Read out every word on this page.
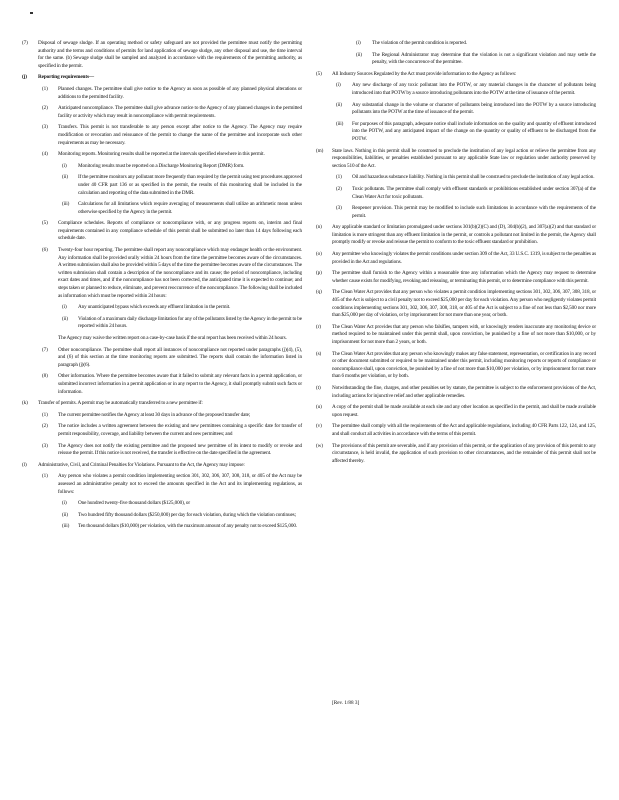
(7) Disposal of sewage sludge. If an operating method or safety safeguard are not provided the permittee must notify the permitting authority and the terms and conditions of permits for land application of sewage sludge, any other disposal and use, the time interval for the same. (b) Sewage sludge shall be sampled and analyzed in accordance with the requirements of the permitting authority, as specified in the permit.
(j) Reporting requirements—
(1) Planned changes. The permittee shall give notice to the Agency as soon as possible of any planned physical alterations or additions to the permitted facility.
(2) Anticipated noncompliance. The permittee shall give advance notice to the Agency of any planned changes in the permitted facility or activity which may result in noncompliance with permit requirements.
(3) Transfers. This permit is not transferable to any person except after notice to the Agency. The Agency may require modification or revocation and reissuance of the permit to change the name of the permittee and incorporate such other requirements as may be necessary.
(4) Monitoring reports. Monitoring results shall be reported at the intervals specified elsewhere in this permit.
(i) Monitoring results must be reported on a Discharge Monitoring Report (DMR) form.
(ii) If the permittee monitors any pollutant more frequently than required by the permit using test procedures approved under 40 CFR part 136 or as specified in the permit, the results of this monitoring shall be included in the calculation and reporting of the data submitted in the DMR.
(iii) Calculations for all limitations which require averaging of measurements shall utilize an arithmetic mean unless otherwise specified by the Agency in the permit.
(5) Compliance schedules. Reports of compliance or noncompliance with, or any progress reports on, interim and final requirements contained in any compliance schedule of this permit shall be submitted no later than 14 days following each schedule date.
(6) Twenty-four hour reporting. The permittee shall report any noncompliance which may endanger health or the environment. Any information shall be provided orally within 24 hours from the time the permittee becomes aware of the circumstances. A written submission shall also be provided within 5 days of the time the permittee becomes aware of the circumstances. The written submission shall contain a description of the noncompliance and its cause; the period of noncompliance, including exact dates and times, and if the noncompliance has not been corrected, the anticipated time it is expected to continue; and steps taken or planned to reduce, eliminate, and prevent reoccurrence of the noncompliance. The following shall be included as information which must be reported within 24 hours:
(i) Any unanticipated bypass which exceeds any effluent limitation in the permit.
(ii) Violation of a maximum daily discharge limitation for any of the pollutants listed by the Agency in the permit to be reported within 24 hours.
The Agency may waive the written report on a case-by-case basis if the oral report has been received within 24 hours.
(7) Other noncompliance. The permittee shall report all instances of noncompliance not reported under paragraphs (j)(4), (5), and (6) of this section at the time monitoring reports are submitted. The reports shall contain the information listed in paragraph (j)(6).
(8) Other information. Where the permittee becomes aware that it failed to submit any relevant facts in a permit application, or submitted incorrect information in a permit application or in any report to the Agency, it shall promptly submit such facts or information.
(k) Transfer of permits. A permit may be automatically transferred to a new permittee if:
(1) The current permittee notifies the Agency at least 30 days in advance of the proposed transfer date;
(2) The notice includes a written agreement between the existing and new permittees containing a specific date for transfer of permit responsibility, coverage, and liability between the current and new permittees; and
(3) The Agency does not notify the existing permittee and the proposed new permittee of its intent to modify or revoke and reissue the permit. If this notice is not received, the transfer is effective on the date specified in the agreement.
(l) Administrative, Civil, and Criminal Penalties for Violations. Pursuant to the Act, the Agency may impose:
(1) Any person who violates a permit condition implementing section 301, 302, 306, 307, 308, 318, or 405 of the Act may be assessed an administrative penalty not to exceed the amounts specified in the Act and its implementing regulations, as follows:
(i) One hundred twenty-five thousand dollars ($125,000), or
(ii) Two hundred fifty thousand dollars ($250,000) per day for each violation, during which the violation continues;
(iii) Ten thousand dollars ($10,000) per violation, with the maximum amount of any penalty not to exceed $125,000.
(i) The violation of the permit condition is reported.
(ii) The Regional Administrator may determine that the violation is not a significant violation and may settle the penalty, with the concurrence of the permittee.
(5) All Industry Sources Regulated by the Act must provide information to the Agency as follows:
(i) Any new discharge of any toxic pollutant into the POTW, or any material changes in the character of pollutants being introduced into that POTW by a source introducing pollutants into the POTW at the time of issuance of the permit.
(ii) Any substantial change in the volume or character of pollutants being introduced into the POTW by a source introducing pollutants into the POTW at the time of issuance of the permit.
(iii) For purposes of this paragraph, adequate notice shall include information on the quality and quantity of effluent introduced into the POTW, and any anticipated impact of the change on the quantity or quality of effluent to be discharged from the POTW.
(m) State laws. Nothing in this permit shall be construed to preclude the institution of any legal action or relieve the permittee from any responsibilities, liabilities, or penalties established pursuant to any applicable State law or regulation under authority preserved by section 510 of the Act.
(1) Oil and hazardous substance liability. Nothing in this permit shall be construed to preclude the institution of any legal action.
(2) Toxic pollutants. The permittee shall comply with effluent standards or prohibitions established under section 307(a) of the Clean Water Act for toxic pollutants.
(3) Reopener provision. This permit may be modified to include such limitations in accordance with the requirements of the permit.
(n) Any applicable standard or limitation promulgated under sections 301(b)(2)(C) and (D), 304(b)(2), and 307(a)(2) and that standard or limitation is more stringent than any effluent limitation in the permit, or controls a pollutant not limited in the permit, the Agency shall promptly modify or revoke and reissue the permit to conform to the toxic effluent standard or prohibition.
(o) Any permittee who knowingly violates the permit conditions under section 309 of the Act, 33 U.S.C. 1319, is subject to the penalties as provided in the Act and regulations.
(p) The permittee shall furnish to the Agency within a reasonable time any information which the Agency may request to determine whether cause exists for modifying, revoking and reissuing, or terminating this permit, or to determine compliance with this permit.
(q) The Clean Water Act provides that any person who violates a permit condition implementing sections 301, 302, 306, 307, 308, 318, or 405 of the Act is subject to a civil penalty not to exceed $25,000 per day for each violation. Any person who negligently violates permit conditions implementing sections 301, 302, 306, 307, 308, 318, or 405 of the Act is subject to a fine of not less than $2,500 nor more than $25,000 per day of violation, or by imprisonment for not more than one year, or both.
(r) The Clean Water Act provides that any person who falsifies, tampers with, or knowingly renders inaccurate any monitoring device or method required to be maintained under this permit shall, upon conviction, be punished by a fine of not more than $10,000, or by imprisonment for not more than 2 years, or both.
(s) The Clean Water Act provides that any person who knowingly makes any false statement, representation, or certification in any record or other document submitted or required to be maintained under this permit, including monitoring reports or reports of compliance or noncompliance shall, upon conviction, be punished by a fine of not more than $10,000 per violation, or by imprisonment for not more than 6 months per violation, or by both.
(t) Notwithstanding the fine, charges, and other penalties set by statute, the permittee is subject to the enforcement provisions of the Act, including actions for injunctive relief and other applicable remedies.
(u) A copy of the permit shall be made available at each site and any other location as specified in the permit, and shall be made available upon request.
(v) The permittee shall comply with all the requirements of the Act and applicable regulations, including 40 CFR Parts 122, 124, and 125, and shall conduct all activities in accordance with the terms of this permit.
(w) The provisions of this permit are severable, and if any provision of this permit, or the application of any provision of this permit to any circumstance, is held invalid, the application of such provision to other circumstances, and the remainder of this permit shall not be affected thereby.
[Rev. 1/88 3]
